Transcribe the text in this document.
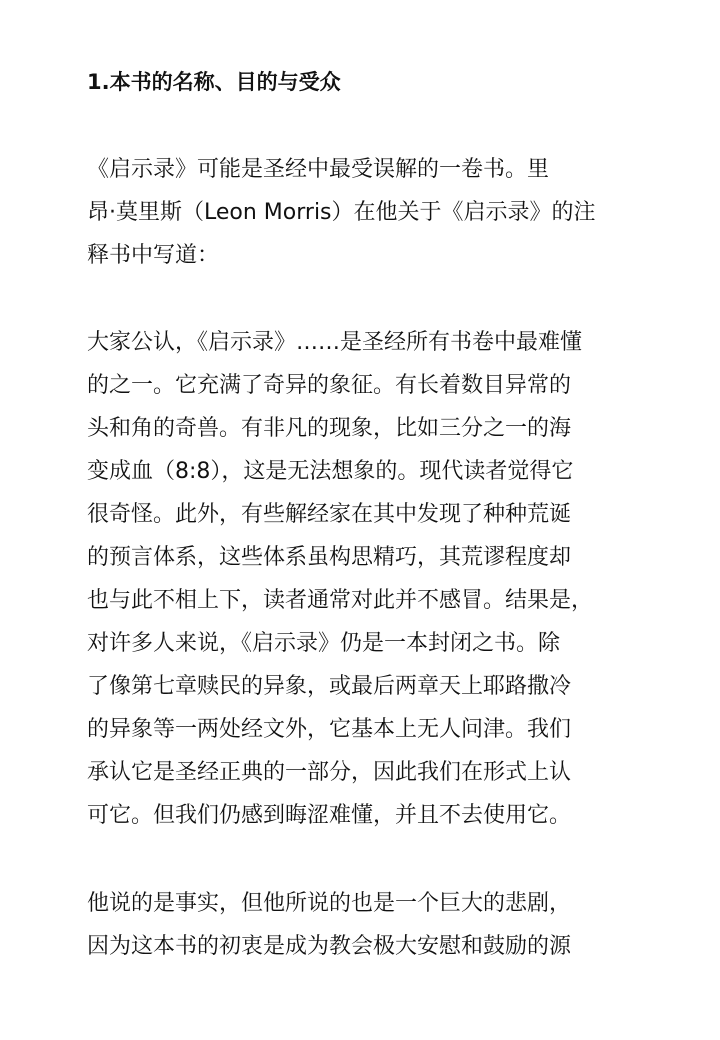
1.本书的名称、目的与受众

《启示录》可能是圣经中最受误解的一卷书。里
昂·莫里斯（Leon Morris）在他关于《启示录》的注
释书中写道：

大家公认，《启示录》……是圣经所有书卷中最难懂
的之一。它充满了奇异的象征。有长着数目异常的
头和角的奇兽。有非凡的现象，比如三分之一的海
变成血（8:8），这是无法想象的。现代读者觉得它
很奇怪。此外，有些解经家在其中发现了种种荒诞
的预言体系，这些体系虽构思精巧，其荒谬程度却
也与此不相上下，读者通常对此并不感冒。结果是，
对许多人来说，《启示录》仍是一本封闭之书。除
了像第七章赎民的异象，或最后两章天上耶路撒冷
的异象等一两处经文外，它基本上无人问津。我们
承认它是圣经正典的一部分，因此我们在形式上认
可它。但我们仍感到晦涩难懂，并且不去使用它。

他说的是事实，但他所说的也是一个巨大的悲剧，
因为这本书的初衷是成为教会极大安慰和鼓励的源
